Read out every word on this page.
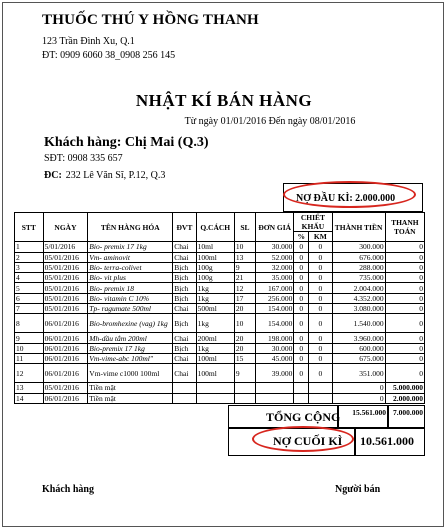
THUỐC THÚ Y HỒNG THANH
123 Trần Đình Xu, Q.1
ĐT: 0909 6060 38_0908 256 145
NHẬT KÍ BÁN HÀNG
Từ ngày 01/01/2016 Đến ngày 08/01/2016
Khách hàng: Chị Mai (Q.3)
SĐT: 0908 335 657
ĐC: 232 Lê Văn Sĩ, P.12, Q.3
NỢ ĐẦU KÌ: 2.000.000
STT	NGÀY	TÊN HÀNG HÓA	ĐVT	Q.CÁCH	SL	ĐƠN GIÁ	CHIẾT KHẤU		THÀNH TIỀN	THANH TOÁN
							%	KM		
1	5/01/2016	Bio- premix 17 1kg	Chai	10ml	10	30.000	0	0	300.000	0
2	05/01/2016	Vm- aminovit	Chai	100ml	13	52.000	0	0	676.000	0
3	05/01/2016	Bio- terra-colivet	Bịch	100g	9	32.000	0	0	288.000	0
4	05/01/2016	Bio- vit plus	Bịch	100g	21	35.000	0	0	735.000	0
5	05/01/2016	Bio- premix 18	Bịch	1kg	12	167.000	0	0	2.004.000	0
6	05/01/2016	Bio- vitamin C 10%	Bịch	1kg	17	256.000	0	0	4.352.000	0
7	05/01/2016	Tp- ragumate 500ml	Chai	500ml	20	154.000	0	0	3.080.000	0
8	06/01/2016	Bio-bromhexine (vag) 1kg	Bịch	1kg	10	154.000	0	0	1.540.000	0
9	06/01/2016	Mh-dầu tắm 200ml	Chai	200ml	20	198.000	0	0	3.960.000	0
10	06/01/2016	Bio-premix 17 1kg	Bịch	1kg	20	30.000	0	0	600.000	0
11	06/01/2016	Vm-vime-abc 100ml"	Chai	100ml	15	45.000	0	0	675.000	0
12	06/01/2016	Vm-vime c1000 100ml	Chai	100ml	9	39.000	0	0	351.000	0
13	05/01/2016	Tiền mặt							0	5.000.000
14	06/01/2016	Tiền mặt							0	2.000.000
TỔNG CỘNG	15.561.000 7.000.000
NỢ CUỐI KÌ 10.561.000
Khách hàng	Người bán
